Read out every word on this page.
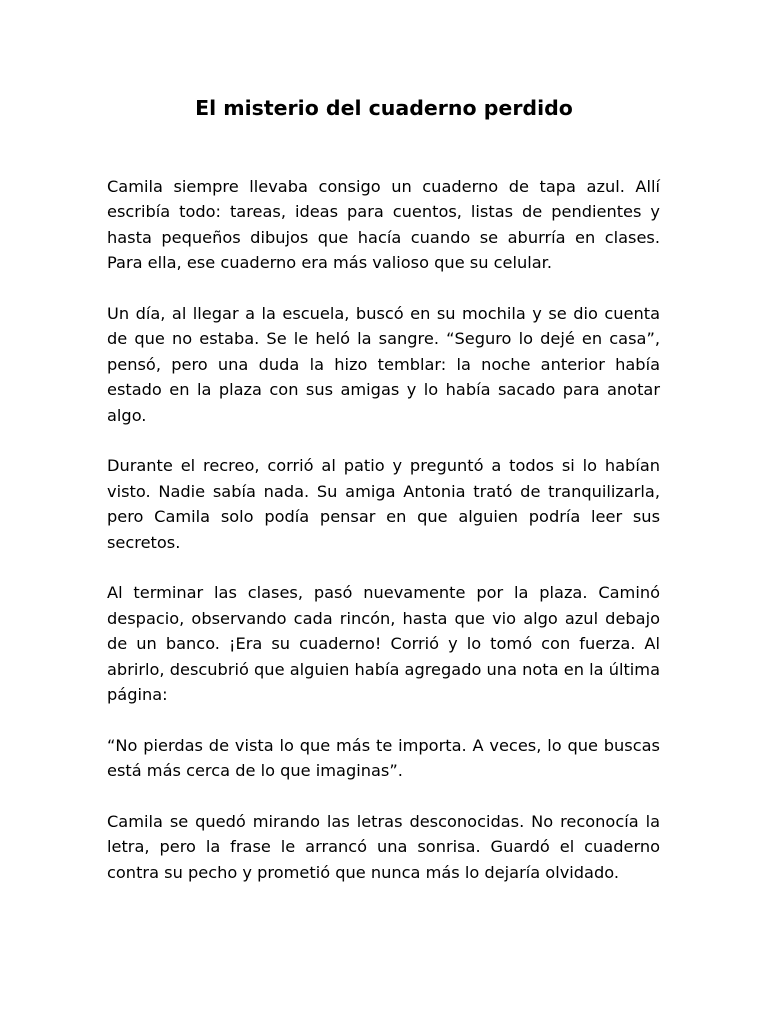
El misterio del cuaderno perdido

Camila siempre llevaba consigo un cuaderno de tapa azul. Allí escribía todo: tareas, ideas para cuentos, listas de pendientes y hasta pequeños dibujos que hacía cuando se aburría en clases. Para ella, ese cuaderno era más valioso que su celular.

Un día, al llegar a la escuela, buscó en su mochila y se dio cuenta de que no estaba. Se le heló la sangre. “Seguro lo dejé en casa”, pensó, pero una duda la hizo temblar: la noche anterior había estado en la plaza con sus amigas y lo había sacado para anotar algo.

Durante el recreo, corrió al patio y preguntó a todos si lo habían visto. Nadie sabía nada. Su amiga Antonia trató de tranquilizarla, pero Camila solo podía pensar en que alguien podría leer sus secretos.

Al terminar las clases, pasó nuevamente por la plaza. Caminó despacio, observando cada rincón, hasta que vio algo azul debajo de un banco. ¡Era su cuaderno! Corrió y lo tomó con fuerza. Al abrirlo, descubrió que alguien había agregado una nota en la última página:

“No pierdas de vista lo que más te importa. A veces, lo que buscas está más cerca de lo que imaginas”.

Camila se quedó mirando las letras desconocidas. No reconocía la letra, pero la frase le arrancó una sonrisa. Guardó el cuaderno contra su pecho y prometió que nunca más lo dejaría olvidado.
